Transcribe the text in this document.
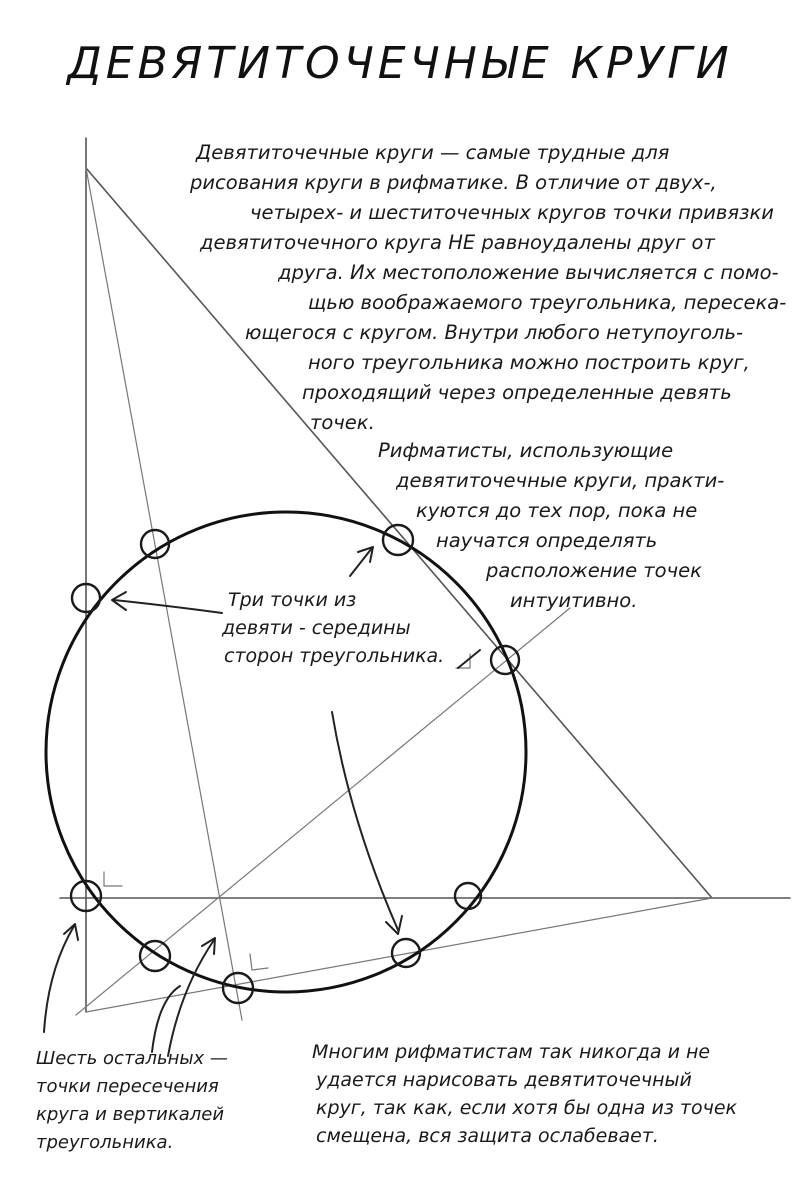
ДЕВЯТИТОЧЕЧНЫЕ КРУГИ
Девятиточечные круги — самые трудные для
рисования круги в рифматике. В отличие от двух-,
четырех- и шеститочечных кругов точки привязки
девятиточечного круга НЕ равноудалены друг от
друга. Их местоположение вычисляется с помо-
щью воображаемого треугольника, пересека-
ющегося с кругом. Внутри любого нетупоуголь-
ного треугольника можно построить круг,
проходящий через определенные девять
точек.
Рифматисты, использующие
девятиточечные круги, практи-
куются до тех пор, пока не
научатся определять
расположение точек
интуитивно.
Три точки из
девяти - середины
сторон треугольника.
Шесть остальных —
точки пересечения
круга и вертикалей
треугольника.
Многим рифматистам так никогда и не
удается нарисовать девятиточечный
круг, так как, если хотя бы одна из точек
смещена, вся защита ослабевает.
